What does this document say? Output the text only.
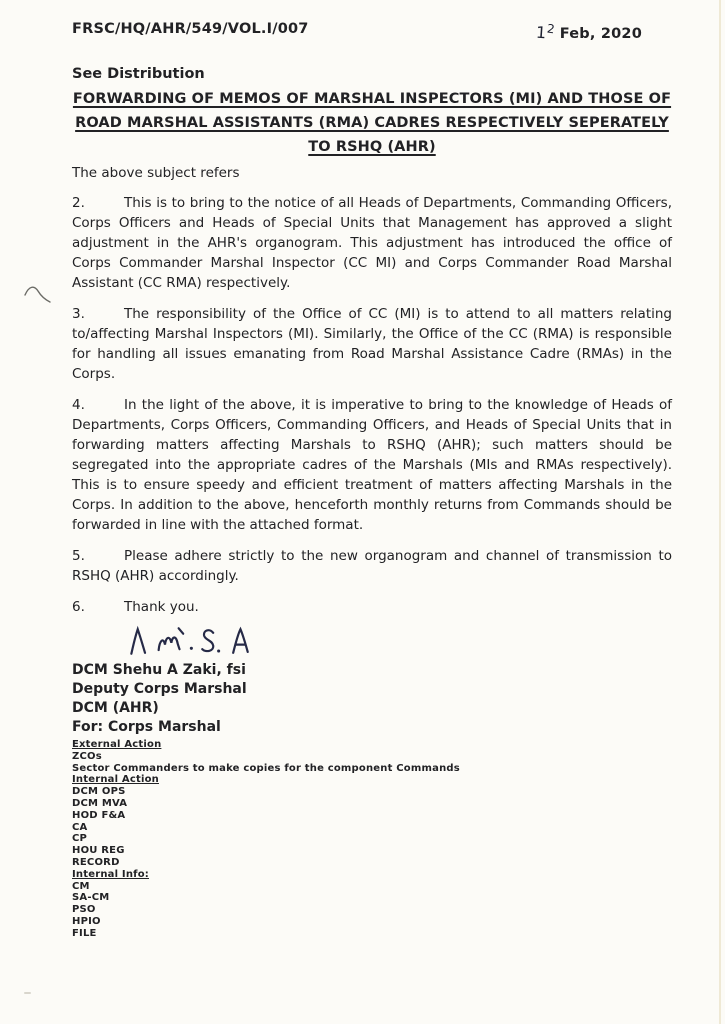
FRSC/HQ/AHR/549/VOL.I/007	12 Feb, 2020
See Distribution
FORWARDING OF MEMOS OF MARSHAL INSPECTORS (MI) AND THOSE OF
ROAD MARSHAL ASSISTANTS (RMA) CADRES RESPECTIVELY SEPERATELY
TO RSHQ (AHR)
The above subject refers

2.	This is to bring to the notice of all Heads of Departments, Commanding Officers, Corps Officers and Heads of Special Units that Management has approved a slight adjustment in the AHR's organogram. This adjustment has introduced the office of Corps Commander Marshal Inspector (CC MI) and Corps Commander Road Marshal Assistant (CC RMA) respectively.

3.	The responsibility of the Office of CC (MI) is to attend to all matters relating to/affecting Marshal Inspectors (MI). Similarly, the Office of the CC (RMA) is responsible for handling all issues emanating from Road Marshal Assistance Cadre (RMAs) in the Corps.

4.	In the light of the above, it is imperative to bring to the knowledge of Heads of Departments, Corps Officers, Commanding Officers, and Heads of Special Units that in forwarding matters affecting Marshals to RSHQ (AHR); such matters should be segregated into the appropriate cadres of the Marshals (MIs and RMAs respectively). This is to ensure speedy and efficient treatment of matters affecting Marshals in the Corps. In addition to the above, henceforth monthly returns from Commands should be forwarded in line with the attached format.

5.	Please adhere strictly to the new organogram and channel of transmission to RSHQ (AHR) accordingly.

6.	Thank you.

DCM Shehu A Zaki, fsi
Deputy Corps Marshal
DCM (AHR)
For: Corps Marshal
External Action
ZCOs
Sector Commanders to make copies for the component Commands
Internal Action
DCM OPS
DCM MVA
HOD F&A
CA
CP
HOU REG
RECORD
Internal Info:
CM
SA-CM
PSO
HPIO
FILE
